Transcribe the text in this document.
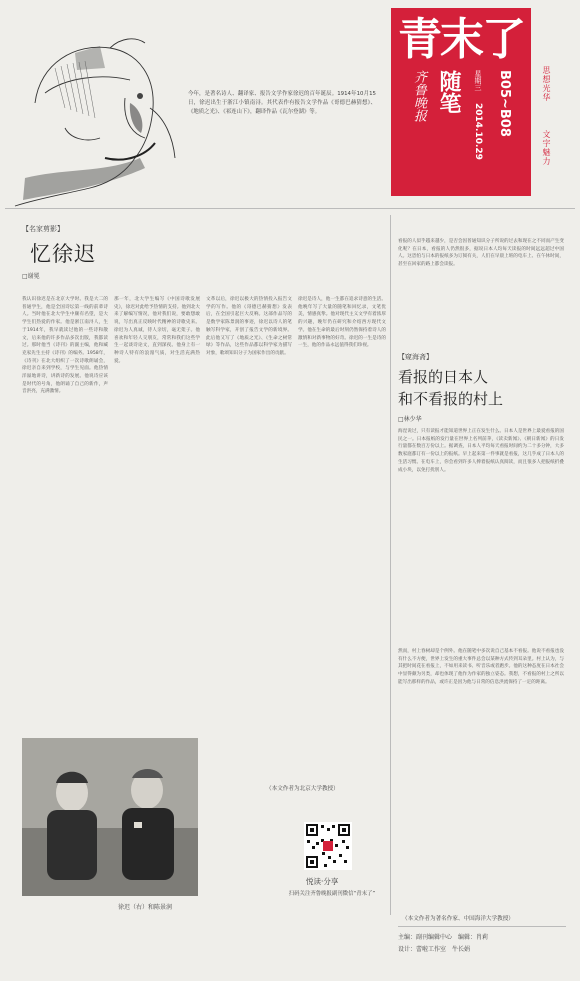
今年，是著名诗人、翻译家、报告文学作家徐迟的百年诞辰。1914年10月15日，徐迟出生于浙江小镇南浔。其代表作有报告文学作品《哥德巴赫猜想》、《地质之光》、《祁连山下》，翻译作品《瓦尔登湖》等。
青末了
齐鲁晚报 随笔	星期三
2014.10.29 B05~B08	思想光华
文字魅力
【名家剪影】
忆徐迟
□谢冕
我认识徐迟是在北京大学时。我是大二的普通学生，他是全国诗坛第一线的前辈诗人。当时他在北大学生中颇有名望，是大学生们热爱的作家。他是浙江南浔人，生于1914年，我早就读过他的一些诗和散文，后来他的许多作品多次出版，我都读过。那时他当《诗刊》的副主编，他和臧克家先生主持《诗刊》的编务。1958年，《诗刊》在北大组织了一次诗歌朗诵会，徐迟亲自来到学校，与学生见面。他热情洋溢地讲诗，讲新诗的发展。他说诗应该是时代的号角，他朗诵了自己的新作，声音洪亮，充满激情。
那一年，北大学生编写《中国诗歌发展史》，徐迟对此给予热情的支持。他到北大来了解编写情况，他对我们说，要敢想敢说，写出真正反映时代精神的诗歌史来。徐迟为人真诚，待人亲切，毫无架子。他喜欢和年轻人交朋友，常常和我们这些学生一起谈诗论文，直到深夜。他身上有一种诗人特有的浪漫气质，对生活充满热爱。
文革以后，徐迟以极大的热情投入报告文学的写作。他的《哥德巴赫猜想》发表后，在全国引起巨大反响。这部作品写的是数学家陈景润的事迹，徐迟以诗人的笔触写科学家，开创了报告文学的新境界。此后他又写了《地质之光》、《生命之树常绿》等作品，这些作品都以科学家为描写对象，歌颂知识分子为国家作出的贡献。
徐迟是诗人，他一生都在追求诗意的生活。他晚年写了大量的随笔和回忆录，文笔优美，情感真挚。他对现代主义文学有着浓厚的兴趣，晚年仍在研究和介绍西方现代文学。他在生命的最后时刻仍然保持着诗人的激情和对新事物的好奇。徐迟的一生是诗的一生，他的作品永远值得我们珍视。
徐迟（右）和陈景润
（本文作者为北京大学教授）
悦读·分享
扫码关注齐鲁晚报副刊微信“青末了”
看报的人似乎越来越少，是否会因普通知识分子所说的过去和现在之不同而产生变化呢？在日本，看报的人仍然很多，据说日本人均每天读报的时间远远超过中国人。这恐怕与日本的报纸多为订阅有关，人们在早晨上班的电车上、在午休时间，甚至在回家的路上都会读报。
【窥海斋】
看报的日本人
和不看报的村上
□林少华
海涅说过，只有读报才能知道世界上正在发生什么。日本人是世界上最爱看报的国民之一。日本报纸的发行量在世界上名列前茅，《读卖新闻》、《朝日新闻》的日发行量都在数百万份以上。据调查，日本人平均每天看报时间约为二十多分钟，大多数家庭都订有一份以上的报纸。早上起来第一件事就是看报，这几乎成了日本人的生活习惯。在电车上，你会看到许多人捧着报纸认真阅读，而且很多人把报纸折叠成小块，以免打扰别人。
然而，村上春树却是个例外。他在随笔中多次说自己基本不看报。他说不看报也没有什么不方便，世界上发生的重大事件总会以某种方式传到耳朵里。村上认为，与其把时间花在看报上，不如用来读书、听音乐或者跑步。他的这种态度在日本社会中显得颇为另类，却也体现了他作为作家的独立姿态。我想，不看报的村上之所以能写出那样的作品，或许正是因为他与日常的信息洪流保持了一定的距离。
（本文作者为著名作家、中国海洋大学教授）
主编：副刊编辑中心　编辑：肖莉
设计：蕾啦工作室　牛长娟
